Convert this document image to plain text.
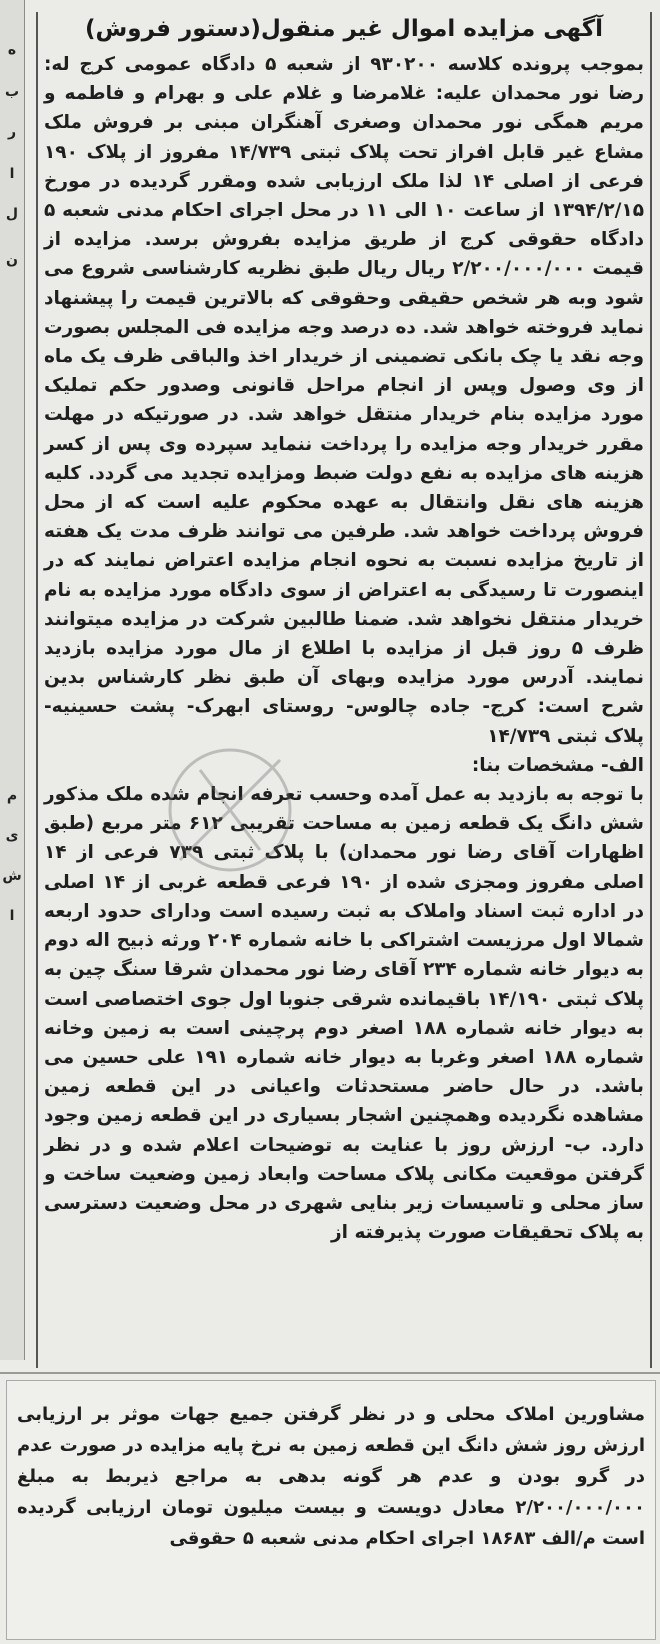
ه
ب
ر
ا
ل
ن
م
ی
ش
ا
آگهی مزایده اموال غیر منقول(دستور فروش)
بموجب پرونده کلاسه ۹۳۰۲۰۰ از شعبه ۵ دادگاه عمومی کرج له: رضا نور محمدان علیه: غلامرضا و غلام علی و بهرام و فاطمه و مریم همگی نور محمدان وصغری آهنگران مبنی بر فروش ملک مشاع غیر قابل افراز تحت پلاک ثبتی ۱۴/۷۳۹ مفروز از پلاک ۱۹۰ فرعی از اصلی ۱۴ لذا ملک ارزیابی شده ومقرر گردیده در مورخ ۱۳۹۴/۲/۱۵ از ساعت ۱۰ الی ۱۱ در محل اجرای احکام مدنی شعبه ۵ دادگاه حقوقی کرج از طریق مزایده بفروش برسد. مزایده از قیمت ۲/۲۰۰/۰۰۰/۰۰۰ ریال ریال طبق نظریه کارشناسی شروع می شود وبه هر شخص حقیقی وحقوقی که بالاترین قیمت را پیشنهاد نماید فروخته خواهد شد. ده درصد وجه مزایده فی المجلس بصورت وجه نقد یا چک بانکی تضمینی از خریدار اخذ والباقی ظرف یک ماه از وی وصول وپس از انجام مراحل قانونی وصدور حکم تملیک مورد مزایده بنام خریدار منتقل خواهد شد. در صورتیکه در مهلت مقرر خریدار وجه مزایده را پرداخت ننماید سپرده وی پس از کسر هزینه های مزایده به نفع دولت ضبط ومزایده تجدید می گردد. کلیه هزینه های نقل وانتقال به عهده محکوم علیه است که از محل فروش پرداخت خواهد شد. طرفین می توانند ظرف مدت یک هفته از تاریخ مزایده نسبت به نحوه انجام مزایده اعتراض نمایند که در اینصورت تا رسیدگی به اعتراض از سوی دادگاه مورد مزایده به نام خریدار منتقل نخواهد شد. ضمنا طالبین شرکت در مزایده میتوانند ظرف ۵ روز قبل از مزایده با اطلاع از مال مورد مزایده بازدید نمایند. آدرس مورد مزایده وبهای آن طبق نظر کارشناس بدین شرح است: کرج- جاده چالوس- روستای ابهرک- پشت حسینیه- پلاک ثبتی ۱۴/۷۳۹
الف- مشخصات بنا:
با توجه به بازدید به عمل آمده وحسب تعرفه انجام شده ملک مذکور شش دانگ یک قطعه زمین به مساحت تقریبی ۶۱۲ متر مربع (طبق اظهارات آقای رضا نور محمدان) با پلاک ثبتی ۷۳۹ فرعی از ۱۴ اصلی مفروز ومجزی شده از ۱۹۰ فرعی قطعه غربی از ۱۴ اصلی در اداره ثبت اسناد واملاک به ثبت رسیده است ودارای حدود اربعه شمالا اول مرزیست اشتراکی با خانه شماره ۲۰۴ ورثه ذبیح اله دوم به دیوار خانه شماره ۲۳۴ آقای رضا نور محمدان شرقا سنگ چین به پلاک ثبتی ۱۴/۱۹۰ باقیمانده شرقی جنوبا اول جوی اختصاصی است به دیوار خانه شماره ۱۸۸ اصغر دوم پرچینی است به زمین وخانه شماره ۱۸۸ اصغر وغربا به دیوار خانه شماره ۱۹۱ علی حسین می باشد. در حال حاضر مستحدثات واعیانی در این قطعه زمین مشاهده نگردیده وهمچنین اشجار بسیاری در این قطعه زمین وجود دارد. ب- ارزش روز با عنایت به توضیحات اعلام شده و در نظر گرفتن موقعیت مکانی پلاک مساحت وابعاد زمین وضعیت ساخت و ساز محلی و تاسیسات زیر بنایی شهری در محل وضعیت دسترسی به پلاک تحقیقات صورت پذیرفته از
مشاورین املاک محلی و در نظر گرفتن جمیع جهات موثر بر ارزیابی ارزش روز شش دانگ این قطعه زمین به نرخ پایه مزایده در صورت عدم در گرو بودن و عدم هر گونه بدهی به مراجع ذیربط به مبلغ ۲/۲۰۰/۰۰۰/۰۰۰ معادل دویست و بیست میلیون تومان ارزیابی گردیده است م/الف ۱۸۶۸۳ اجرای احکام مدنی شعبه ۵ حقوقی
